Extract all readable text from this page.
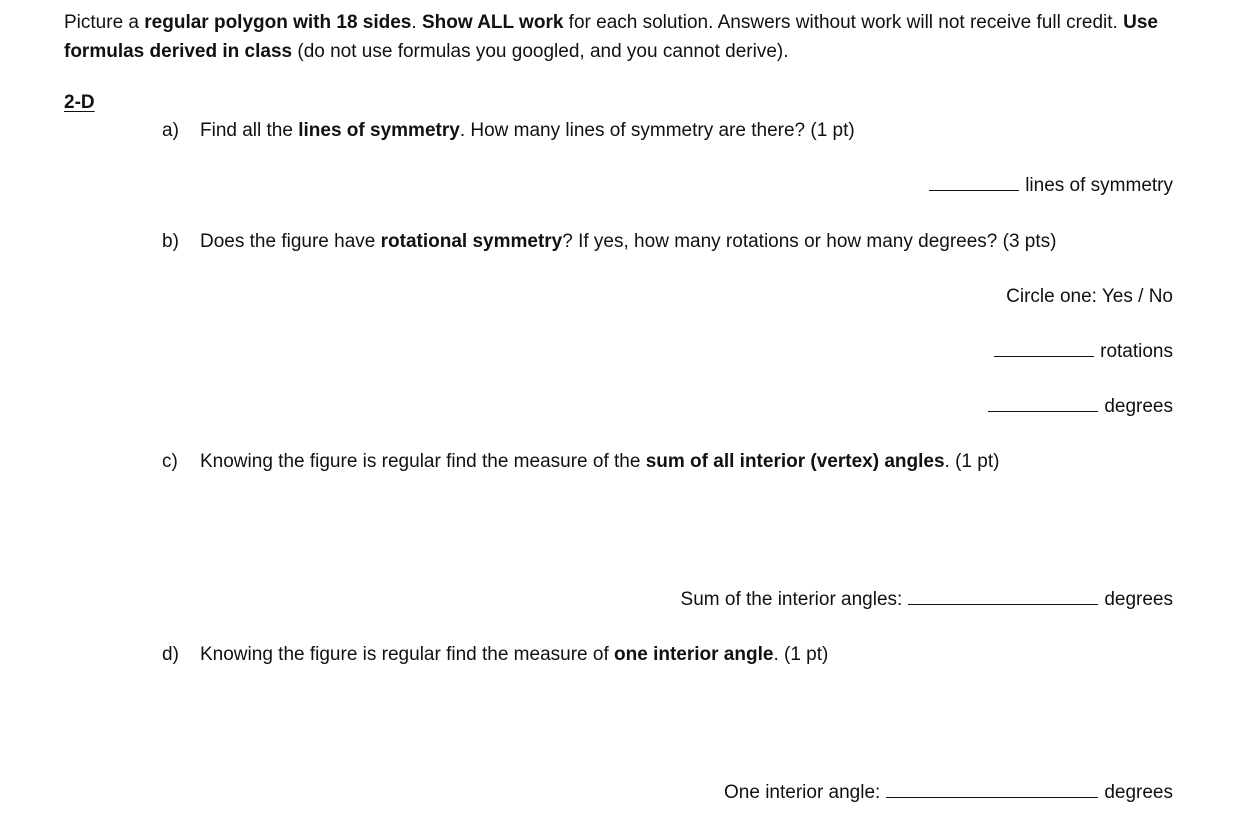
Picture a regular polygon with 18 sides. Show ALL work for each solution. Answers without work will not receive full credit. Use formulas derived in class (do not use formulas you googled, and you cannot derive).
2-D
a) Find all the lines of symmetry. How many lines of symmetry are there? (1 pt)
lines of symmetry
b) Does the figure have rotational symmetry? If yes, how many rotations or how many degrees? (3 pts)
Circle one: Yes / No
rotations
degrees
c) Knowing the figure is regular find the measure of the sum of all interior (vertex) angles. (1 pt)
Sum of the interior angles:	degrees
d) Knowing the figure is regular find the measure of one interior angle. (1 pt)
One interior angle:	degrees
